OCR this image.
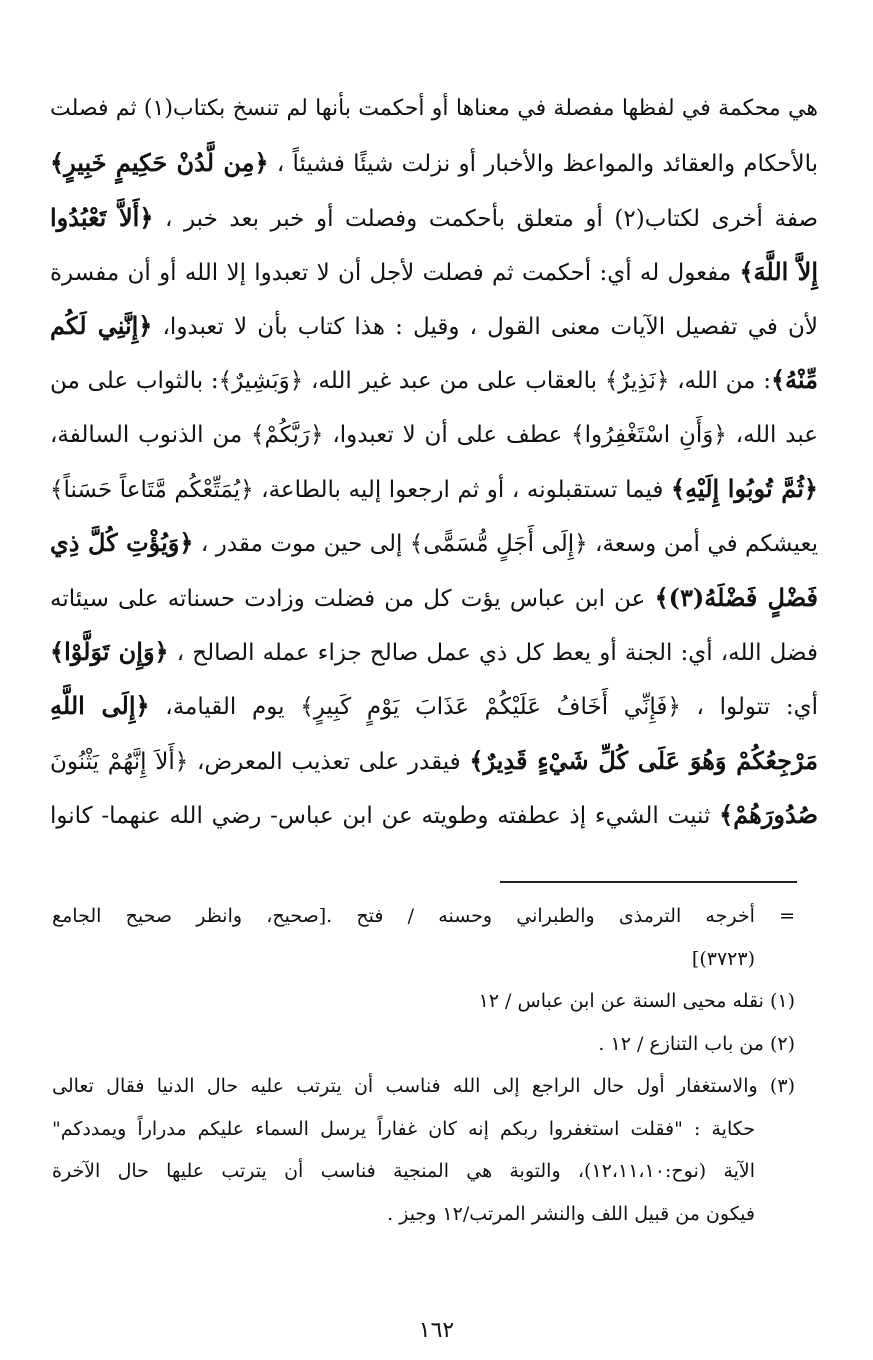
هي محكمة في لفظها مفصلة في معناها أو أحكمت بأنها لم تنسخ بكتاب(١) ثم فصلت
بالأحكام والعقائد والمواعظ والأخبار أو نزلت شيئًا فشيئاً ، ﴿مِن لَّدُنْ حَكِيمٍ خَبِيرٍ﴾
صفة أخرى لكتاب(٢) أو متعلق بأحكمت وفصلت أو خبر بعد خبر ، ﴿أَلاَّ تَعْبُدُوا
إِلاَّ اللَّهَ﴾ مفعول له أي: أحكمت ثم فصلت لأجل أن لا تعبدوا إلا الله أو أن مفسرة
لأن في تفصيل الآيات معنى القول ، وقيل : هذا كتاب بأن لا تعبدوا، ﴿إِنَّنِي لَكُم
مِّنْهُ﴾: من الله، ﴿نَذِيرٌ﴾ بالعقاب على من عبد غير الله، ﴿وَبَشِيرٌ﴾: بالثواب على من
عبد الله، ﴿وَأَنِ اسْتَغْفِرُوا﴾ عطف على أن لا تعبدوا، ﴿رَبَّكُمْ﴾ من الذنوب السالفة،
﴿ثُمَّ تُوبُوا إِلَيْهِ﴾ فيما تستقبلونه ، أو ثم ارجعوا إليه بالطاعة، ﴿يُمَتِّعْكُم مَّتَاعاً حَسَناً﴾
يعيشكم في أمن وسعة، ﴿إِلَى أَجَلٍ مُّسَمًّى﴾ إلى حين موت مقدر ، ﴿وَيُؤْتِ كُلَّ ذِي
فَضْلٍ فَضْلَهُ(٣)﴾ عن ابن عباس يؤت كل من فضلت وزادت حسناته على سيئاته
فضل الله، أي: الجنة أو يعط كل ذي عمل صالح جزاء عمله الصالح ، ﴿وَإِن تَوَلَّوْا﴾
أي: تتولوا ، ﴿فَإِنِّي أَخَافُ عَلَيْكُمْ عَذَابَ يَوْمٍ كَبِيرٍ﴾ يوم القيامة، ﴿إِلَى اللَّهِ
مَرْجِعُكُمْ وَهُوَ عَلَى كُلِّ شَيْءٍ قَدِيرٌ﴾ فيقدر على تعذيب المعرض، ﴿أَلاَ إِنَّهُمْ يَثْنُونَ
صُدُورَهُمْ﴾ ثنيت الشيء إذ عطفته وطويته عن ابن عباس- رضي الله عنهما- كانوا
= أخرجه الترمذى والطبراني وحسنه / فتح .[صحيح، وانظر صحيح الجامع
(٣٧٢٣)]
(١) نقله محيى السنة عن ابن عباس / ١٢
(٢) من باب التنازع / ١٢ .
(٣) والاستغفار أول حال الراجع إلى الله فناسب أن يترتب عليه حال الدنيا فقال تعالى
حكاية : "فقلت استغفروا ربكم إنه كان غفاراً يرسل السماء عليكم مدراراً ويمددكم"
الآية (نوح:١٢،١١،١٠)، والتوبة هي المنجية فناسب أن يترتب عليها حال الآخرة
فيكون من قبيل اللف والنشر المرتب/١٢ وجيز .
١٦٢
